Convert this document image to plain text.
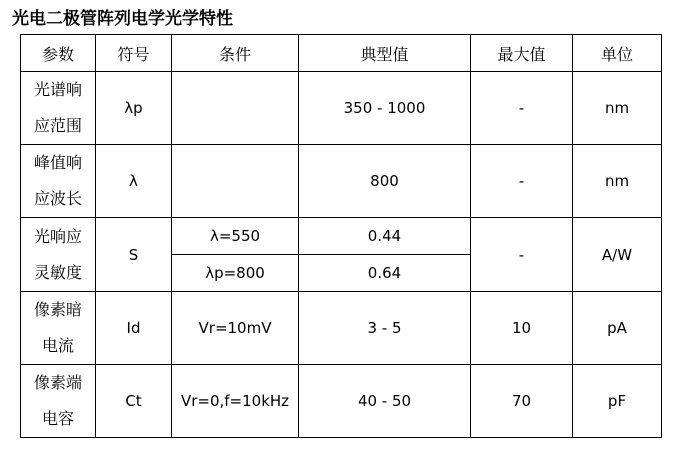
光电二极管阵列电学光学特性
参数	符号	条件	典型值	最大值	单位

光谱响
应范围	λp		350 - 1000	-	nm

峰值响
应波长	λ		800	-	nm

光响应
灵敏度	S	λ=550	0.44	-	A/W
		λp=800	0.64		

像素暗
电流	Id	Vr=10mV	3 - 5	10	pA

像素端
电容	Ct	Vr=0,f=10kHz	40 - 50	70	pF
